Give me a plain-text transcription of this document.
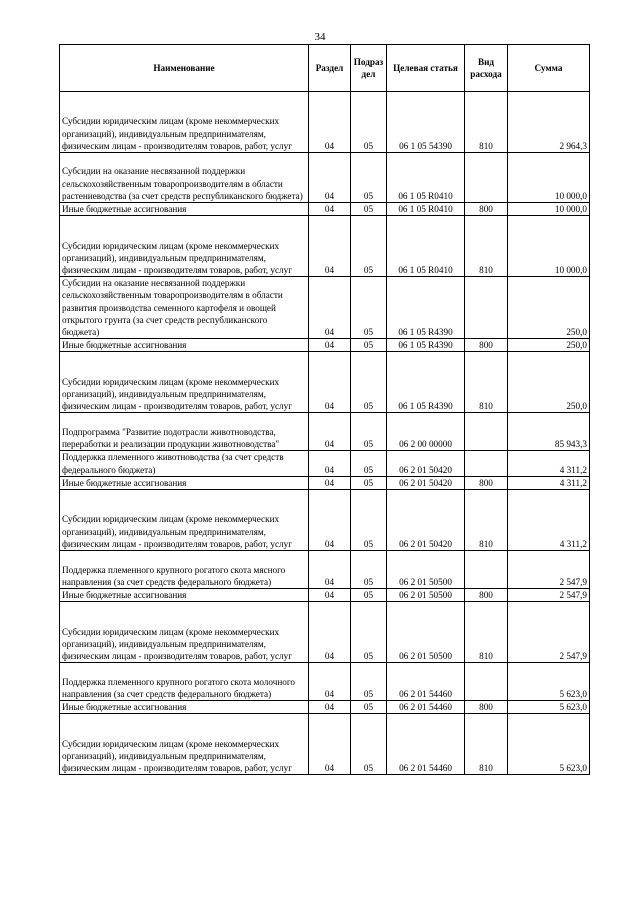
34
Наименование	Раздел	Подраз дел	Целевая статья	Вид расхода	Сумма
Субсидии юридическим лицам (кроме некоммерческих организаций), индивидуальным предпринимателям, физическим лицам - производителям товаров, работ, услуг	04	05	06 1 05 54390	810	2 964,3
Субсидии на оказание несвязанной поддержки сельскохозяйственным товаропроизводителям в области растениеводства (за счет средств республиканского бюджета)	04	05	06 1 05 R0410		10 000,0
Иные бюджетные ассигнования	04	05	06 1 05 R0410	800	10 000,0
Субсидии юридическим лицам (кроме некоммерческих организаций), индивидуальным предпринимателям, физическим лицам - производителям товаров, работ, услуг	04	05	06 1 05 R0410	810	10 000,0
Субсидии на оказание несвязанной поддержки сельскохозяйственным товаропроизводителям в области развития производства семенного картофеля и овощей открытого грунта (за счет средств республиканского бюджета)	04	05	06 1 05 R4390		250,0
Иные бюджетные ассигнования	04	05	06 1 05 R4390	800	250,0
Субсидии юридическим лицам (кроме некоммерческих организаций), индивидуальным предпринимателям, физическим лицам - производителям товаров, работ, услуг	04	05	06 1 05 R4390	810	250,0
Подпрограмма "Развитие подотрасли животноводства, переработки и реализации продукции животноводства"	04	05	06 2 00 00000		85 943,3
Поддержка племенного животноводства (за счет средств федерального бюджета)	04	05	06 2 01 50420		4 311,2
Иные бюджетные ассигнования	04	05	06 2 01 50420	800	4 311,2
Субсидии юридическим лицам (кроме некоммерческих организаций), индивидуальным предпринимателям, физическим лицам - производителям товаров, работ, услуг	04	05	06 2 01 50420	810	4 311,2
Поддержка племенного крупного рогатого скота мясного направления (за счет средств федерального бюджета)	04	05	06 2 01 50500		2 547,9
Иные бюджетные ассигнования	04	05	06 2 01 50500	800	2 547,9
Субсидии юридическим лицам (кроме некоммерческих организаций), индивидуальным предпринимателям, физическим лицам - производителям товаров, работ, услуг	04	05	06 2 01 50500	810	2 547,9
Поддержка племенного крупного рогатого скота молочного направления (за счет средств федерального бюджета)	04	05	06 2 01 54460		5 623,0
Иные бюджетные ассигнования	04	05	06 2 01 54460	800	5 623,0
Субсидии юридическим лицам (кроме некоммерческих организаций), индивидуальным предпринимателям, физическим лицам - производителям товаров, работ, услуг	04	05	06 2 01 54460	810	5 623,0
